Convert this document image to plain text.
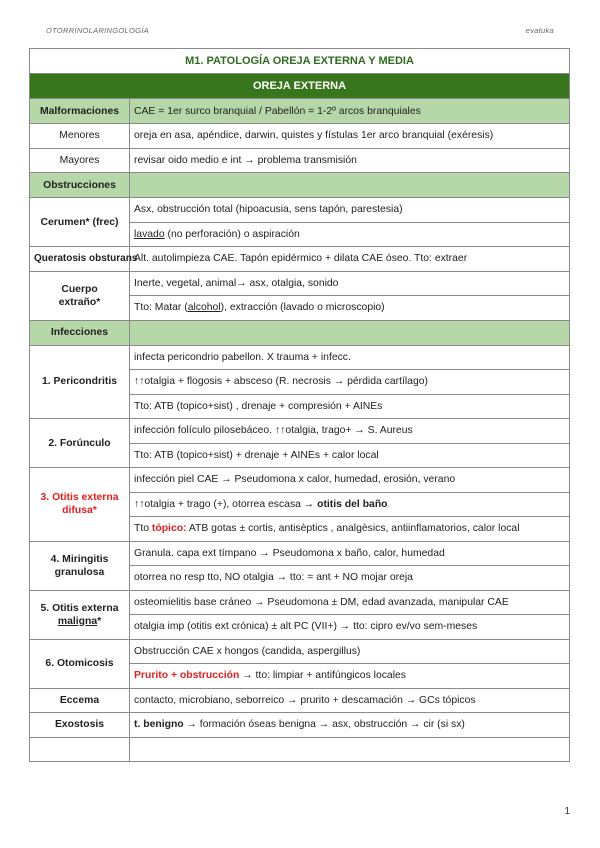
OTORRINOLARINGOLOGÍA	evatuka
M1. PATOLOGÍA OREJA EXTERNA Y MEDIA	
OREJA EXTERNA	
Malformaciones	CAE = 1er surco branquial / Pabellón = 1-2º arcos branquiales
Menores	oreja en asa, apéndice, darwin, quistes y fístulas 1er arco branquial (exéresis)
Mayores	revisar oido medio e int → problema transmisión
Obstrucciones	
Cerumen* (frec)	Asx, obstrucción total (hipoacusia, sens tapón, parestesia)
	lavado (no perforación) o aspiración
Queratosis obsturans	Alt. autolimpieza CAE. Tapón epidérmico + dilata CAE óseo. Tto: extraer
Cuerpo extraño*	Inerte, vegetal, animal→ asx, otalgia, sonido
	Tto: Matar (alcohol), extracción (lavado o microscopio)
Infecciones	
1. Pericondritis	infecta pericondrio pabellon. X trauma + infecc.
	↑↑otalgia + flogosis + absceso (R. necrosis → pérdida cartílago)
	Tto: ATB (topico+sist) , drenaje + compresión + AINEs
2. Forúnculo	infección folículo pilosebáceo. ↑↑otalgia, trago+ → S. Aureus
	Tto: ATB (topico+sist) + drenaje + AINEs + calor local
3. Otitis externa difusa*	infección piel CAE → Pseudomona x calor, humedad, erosión, verano
	↑↑otalgia + trago (+), otorrea escasa → otitis del baño
	Tto tópico: ATB gotas ± cortis, antisèptics , analgèsics, antiinflamatorios, calor local
4. Miringitis granulosa	Granula. capa ext tímpano → Pseudomona x baño, calor, humedad
	otorrea no resp tto, NO otalgia → tto: = ant + NO mojar oreja
5. Otitis externa maligna*	osteomielitis base cráneo → Pseudomona ± DM, edad avanzada, manipular CAE
	otalgia imp (otitis ext crónica) ± alt PC (VII+) → tto: cipro ev/vo sem-meses
6. Otomicosis	Obstrucción CAE x hongos (candida, aspergillus)
	Prurito + obstrucción → tto: limpiar + antifúngicos locales
Eccema	contacto, microbiano, seborreico → prurito + descamación → GCs tópicos
Exostosis	t. benigno → formación óseas benigna → asx, obstrucción → cir (si sx)

1
